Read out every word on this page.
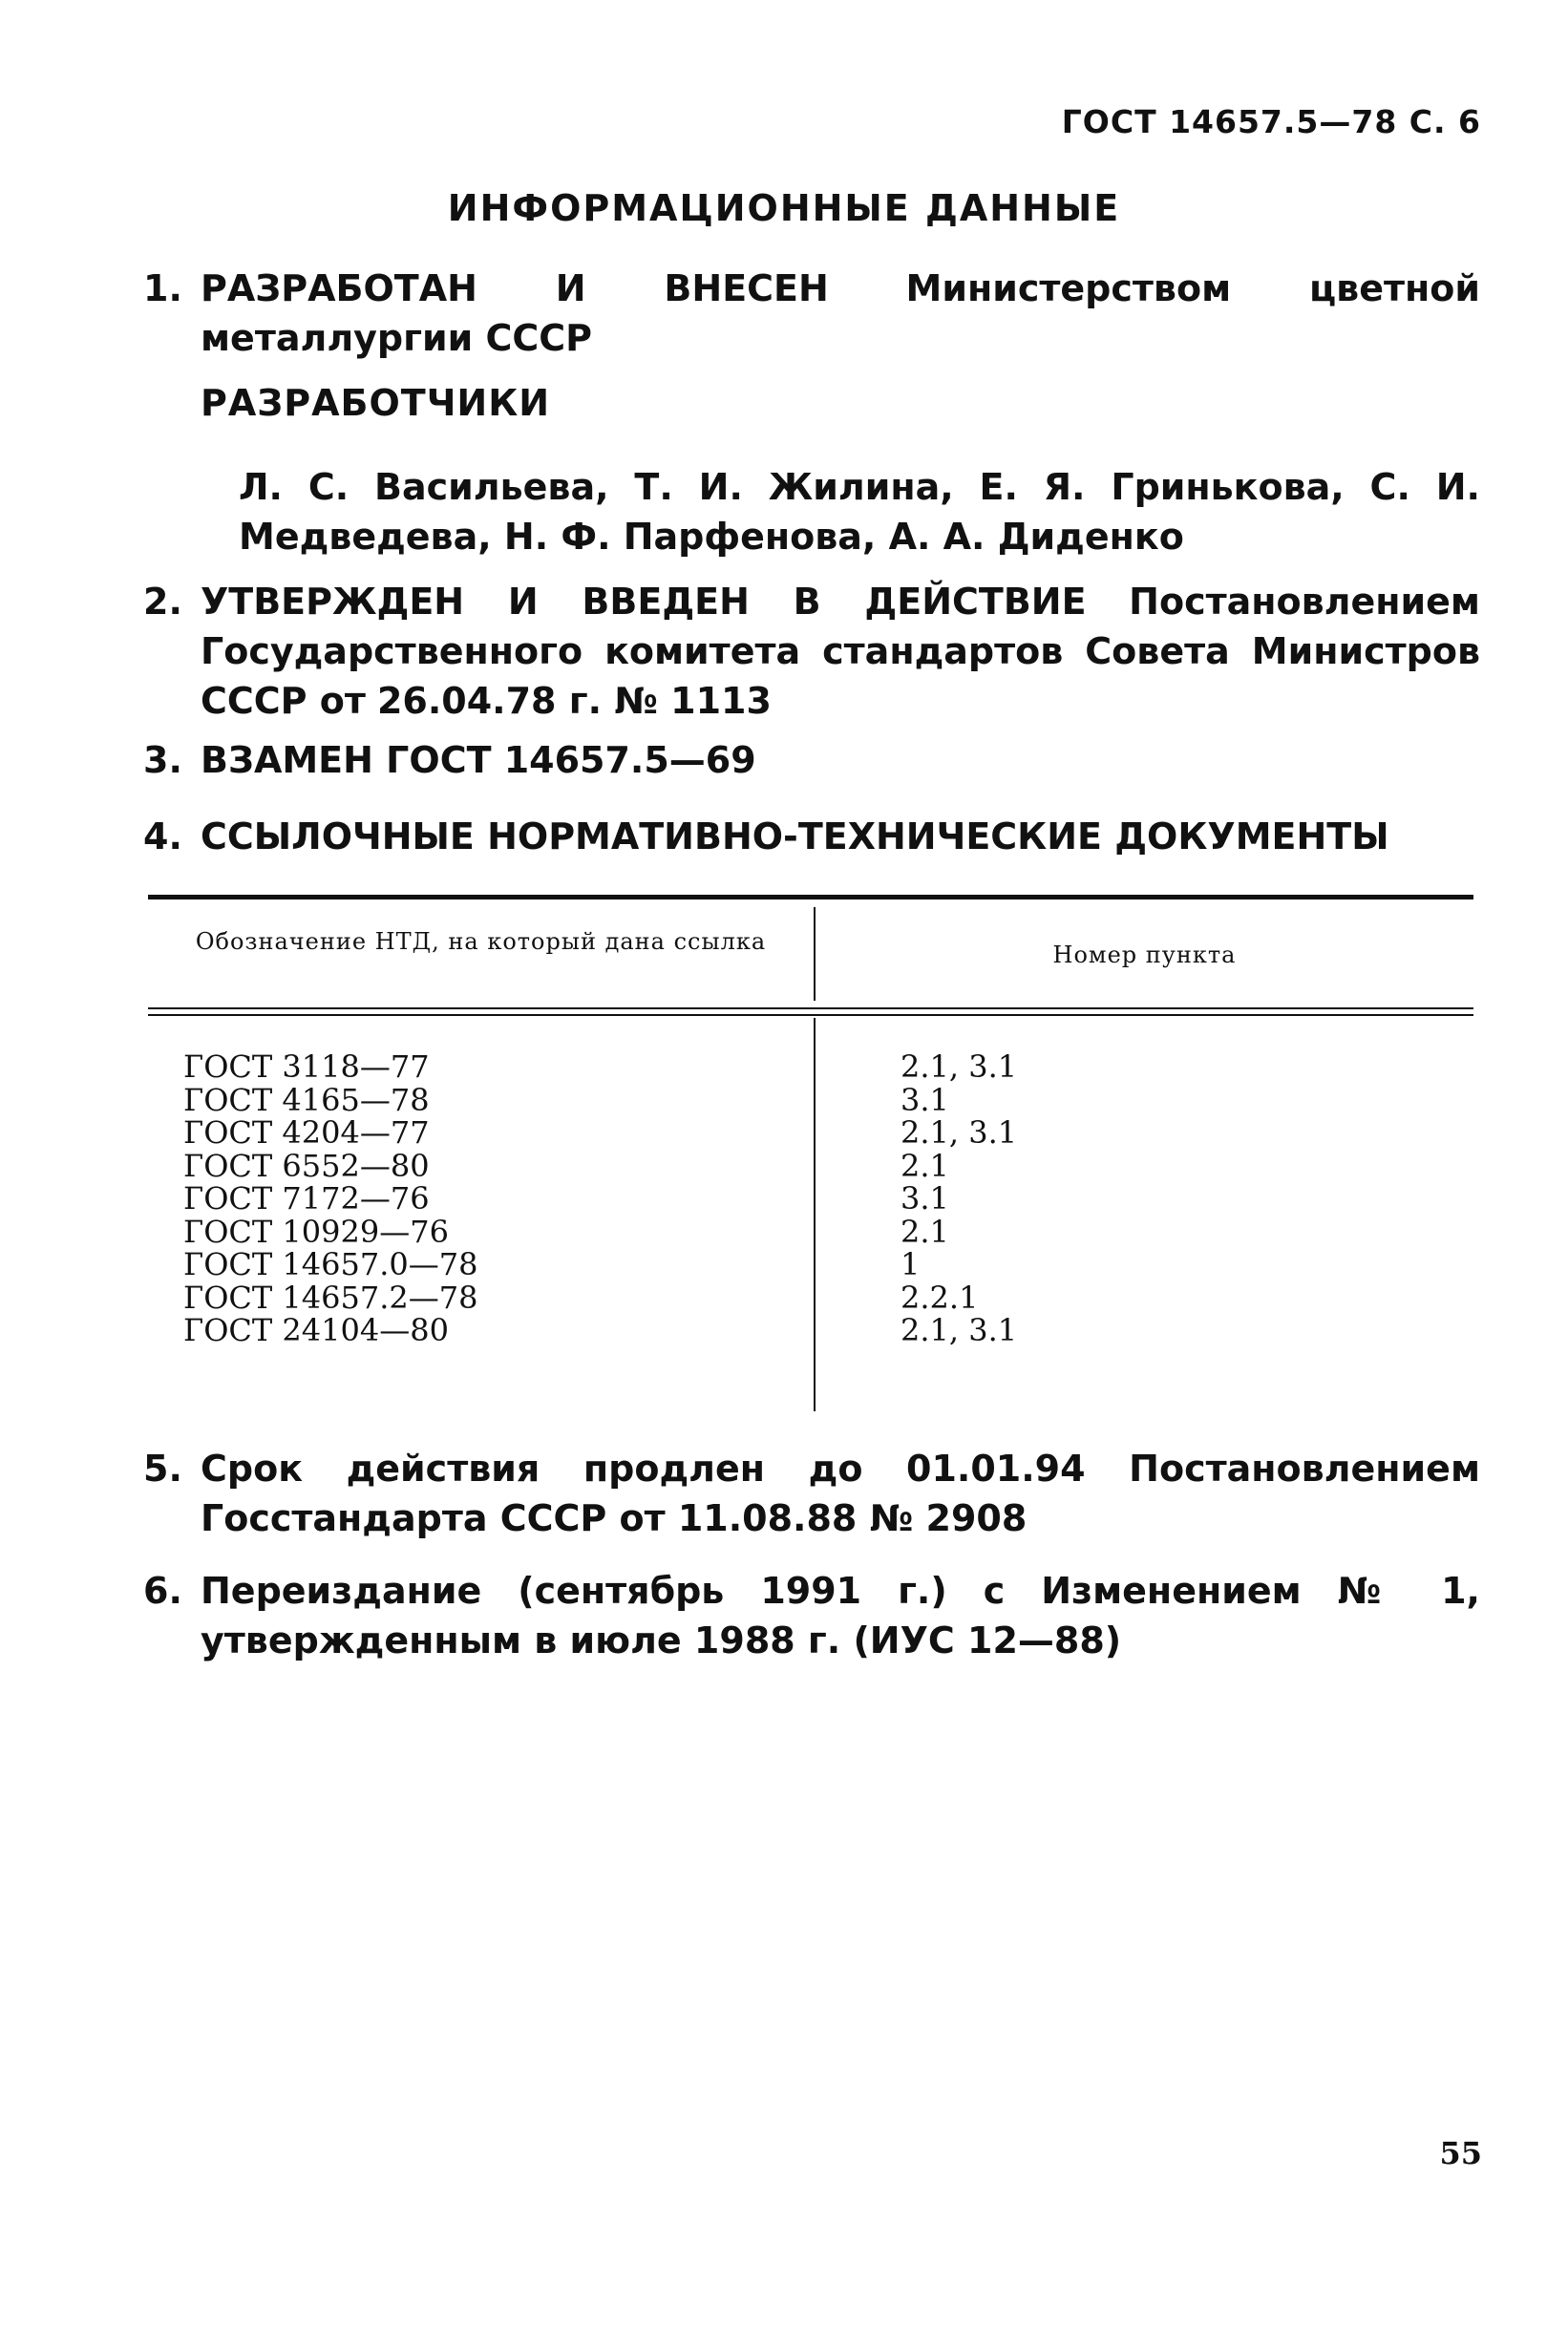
ГОСТ 14657.5—78 С. 6
ИНФОРМАЦИОННЫЕ ДАННЫЕ
1. РАЗРАБОТАН И ВНЕСЕН Министерством цветной металлургии СССР
РАЗРАБОТЧИКИ
Л. С. Васильева, Т. И. Жилина, Е. Я. Гринькова, С. И. Медведева, Н. Ф. Парфенова, А. А. Диденко
2. УТВЕРЖДЕН И ВВЕДЕН В ДЕЙСТВИЕ Постановлением Государственного комитета стандартов Совета Министров СССР от 26.04.78 г. № 1113
3. ВЗАМЕН ГОСТ 14657.5—69
4. ССЫЛОЧНЫЕ НОРМАТИВНО-ТЕХНИЧЕСКИЕ ДОКУМЕНТЫ
Обозначение НТД, на который дана ссылка	Номер пункта
ГОСТ 3118—77
ГОСТ 4165—78
ГОСТ 4204—77
ГОСТ 6552—80
ГОСТ 7172—76
ГОСТ 10929—76
ГОСТ 14657.0—78
ГОСТ 14657.2—78
ГОСТ 24104—80
2.1, 3.1
3.1
2.1, 3.1
2.1
3.1
2.1
1
2.2.1
2.1, 3.1
5. Срок действия продлен до 01.01.94 Постановлением Госстандарта СССР от 11.08.88 № 2908
6. Переиздание (сентябрь 1991 г.) с Изменением № 1, утвержденным в июле 1988 г. (ИУС 12—88)
55
